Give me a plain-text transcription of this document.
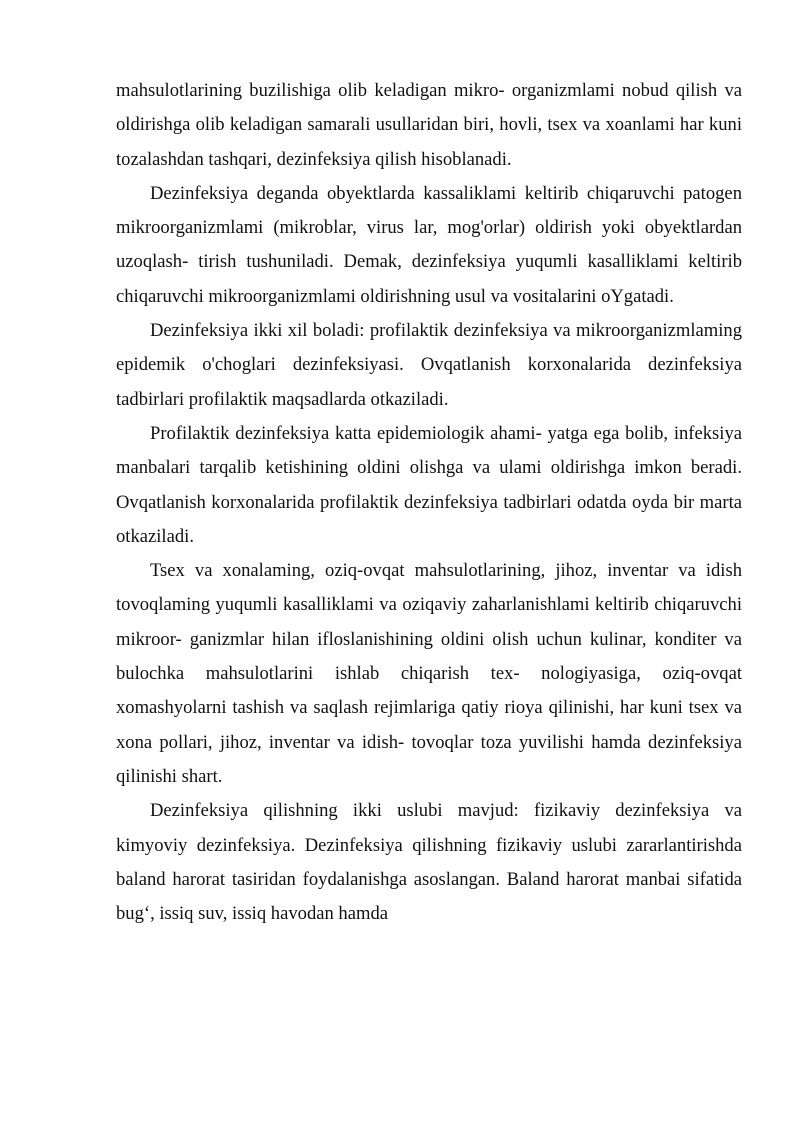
mahsulotlarining buzilishiga olib keladigan mikro- organizmlami nobud qilish va oldirishga olib keladigan samarali usullaridan biri, hovli, tsex va xoanlami har kuni tozalashdan tashqari, dezinfeksiya qilish hisoblanadi.

Dezinfeksiya deganda obyektlarda kassaliklami keltirib chiqaruvchi patogen mikroorganizmlami (mikroblar, virus lar, mog'orlar) oldirish yoki obyektlardan uzoqlash- tirish tushuniladi. Demak, dezinfeksiya yuqumli kasalliklami keltirib chiqaruvchi mikroorganizmlami oldirishning usul va vositalarini oYgatadi.

Dezinfeksiya ikki xil boladi: profilaktik dezinfeksiya va mikroorganizmlaming epidemik o'choglari dezinfeksiyasi. Ovqatlanish korxonalarida dezinfeksiya tadbirlari profilaktik maqsadlarda otkaziladi.

Profilaktik dezinfeksiya katta epidemiologik ahami- yatga ega bolib, infeksiya manbalari tarqalib ketishining oldini olishga va ulami oldirishga imkon beradi. Ovqatlanish korxonalarida profilaktik dezinfeksiya tadbirlari odatda oyda bir marta otkaziladi.

Tsex va xonalaming, oziq-ovqat mahsulotlarining, jihoz, inventar va idish tovoqlaming yuqumli kasalliklami va oziqaviy zaharlanishlami keltirib chiqaruvchi mikroor- ganizmlar hilan ifloslanishining oldini olish uchun kulinar, konditer va bulochka mahsulotlarini ishlab chiqarish tex- nologiyasiga, oziq-ovqat xomashyolarni tashish va saqlash rejimlariga qatiy rioya qilinishi, har kuni tsex va xona pollari, jihoz, inventar va idish- tovoqlar toza yuvilishi hamda dezinfeksiya qilinishi shart.

Dezinfeksiya qilishning ikki uslubi mavjud: fizikaviy dezinfeksiya va kimyoviy dezinfeksiya. Dezinfeksiya qilishning fizikaviy uslubi zararlantirishda baland harorat tasiridan foydalanishga asoslangan. Baland harorat manbai sifatida bug‘, issiq suv, issiq havodan hamda
